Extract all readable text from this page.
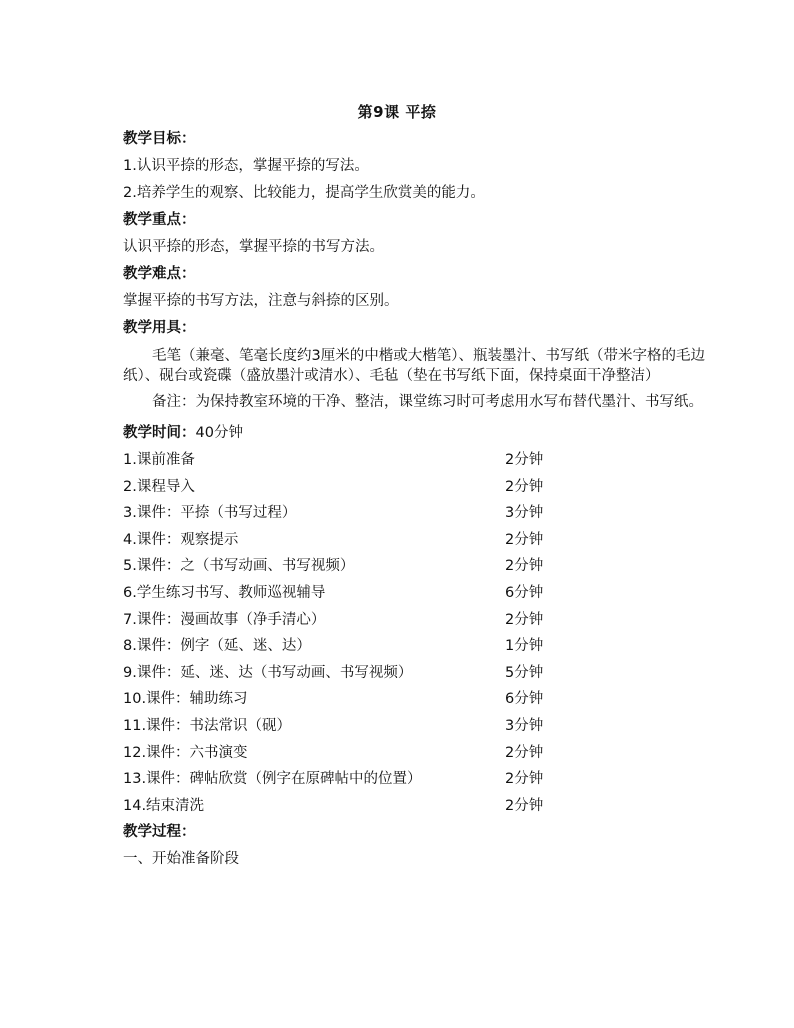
第9课 平捺
教学目标：
1.认识平捺的形态，掌握平捺的写法。
2.培养学生的观察、比较能力，提高学生欣赏美的能力。
教学重点：
认识平捺的形态，掌握平捺的书写方法。
教学难点：
掌握平捺的书写方法，注意与斜捺的区别。
教学用具：
毛笔（兼毫、笔毫长度约3厘米的中楷或大楷笔）、瓶装墨汁、书写纸（带米字格的毛边纸）、砚台或瓷碟（盛放墨汁或清水）、毛毡（垫在书写纸下面，保持桌面干净整洁）
备注：为保持教室环境的干净、整洁，课堂练习时可考虑用水写布替代墨汁、书写纸。
教学时间：40分钟
1.课前准备	2分钟
2.课程导入	2分钟
3.课件：平捺（书写过程）	3分钟
4.课件：观察提示	2分钟
5.课件：之（书写动画、书写视频）	2分钟
6.学生练习书写、教师巡视辅导	6分钟
7.课件：漫画故事（净手清心）	2分钟
8.课件：例字（延、迷、达）	1分钟
9.课件：延、迷、达（书写动画、书写视频）	5分钟
10.课件：辅助练习	6分钟
11.课件：书法常识（砚）	3分钟
12.课件：六书演变	2分钟
13.课件：碑帖欣赏（例字在原碑帖中的位置）	2分钟
14.结束清洗	2分钟
教学过程：
一、开始准备阶段
